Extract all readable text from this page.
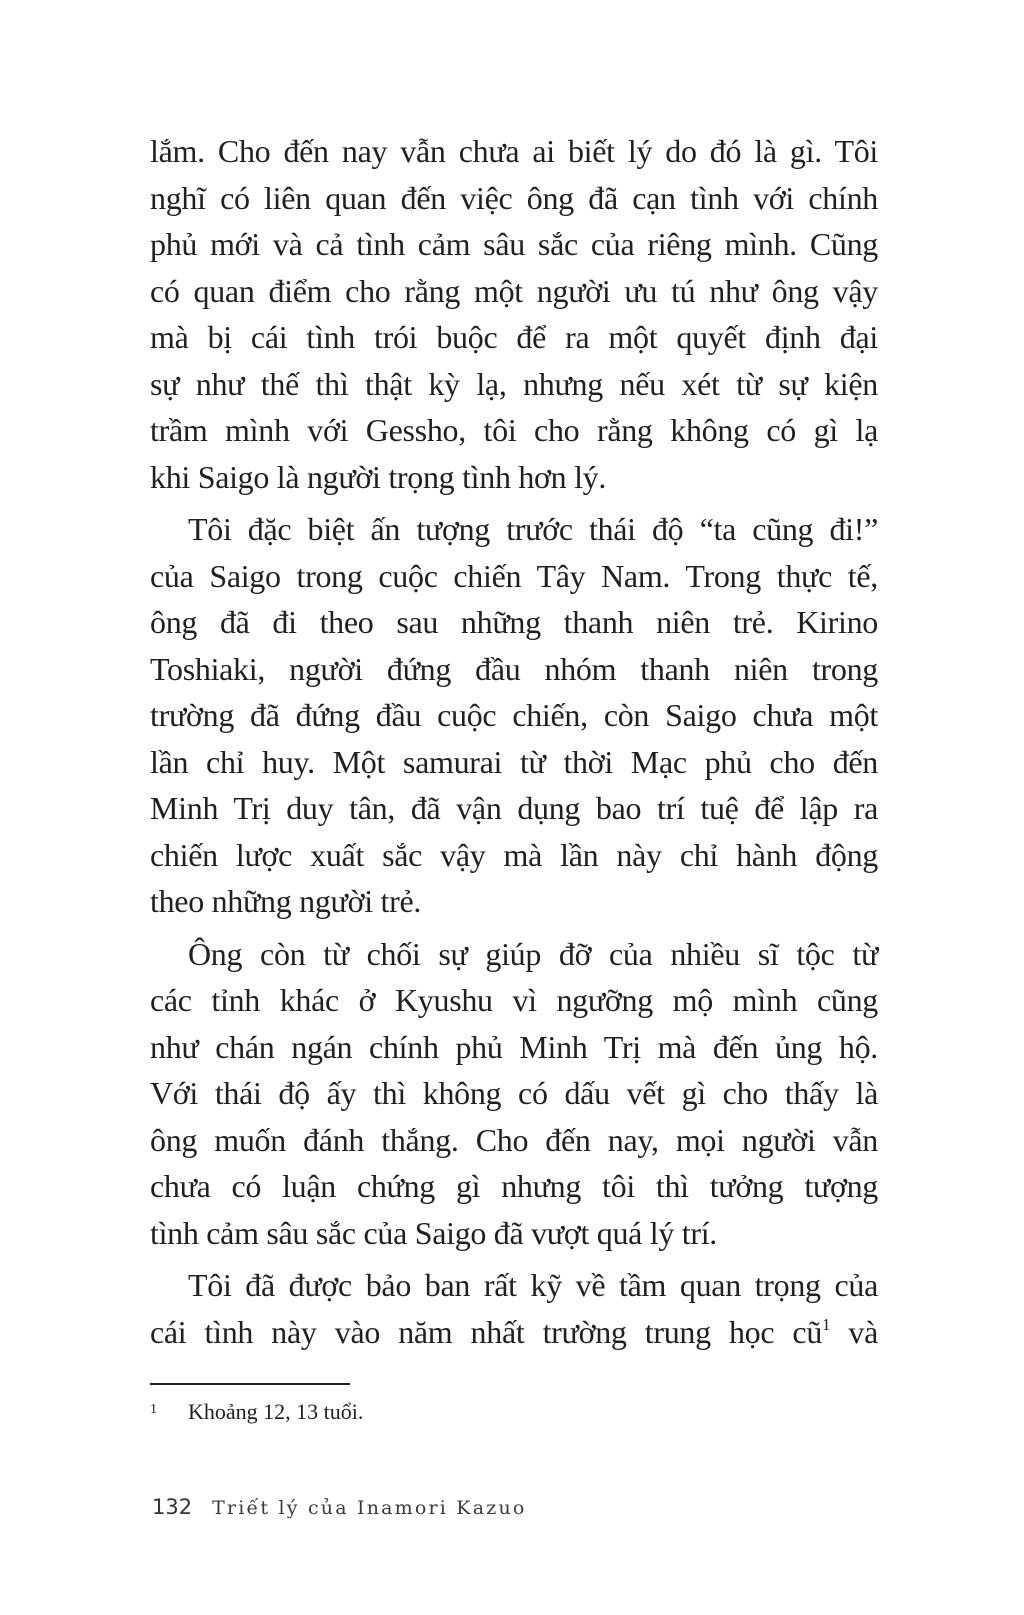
lắm. Cho đến nay vẫn chưa ai biết lý do đó là gì. Tôi
nghĩ có liên quan đến việc ông đã cạn tình với chính
phủ mới và cả tình cảm sâu sắc của riêng mình. Cũng
có quan điểm cho rằng một người ưu tú như ông vậy
mà bị cái tình trói buộc để ra một quyết định đại
sự như thế thì thật kỳ lạ, nhưng nếu xét từ sự kiện
trầm mình với Gessho, tôi cho rằng không có gì lạ
khi Saigo là người trọng tình hơn lý.
Tôi đặc biệt ấn tượng trước thái độ “ta cũng đi!”
của Saigo trong cuộc chiến Tây Nam. Trong thực tế,
ông đã đi theo sau những thanh niên trẻ. Kirino
Toshiaki, người đứng đầu nhóm thanh niên trong
trường đã đứng đầu cuộc chiến, còn Saigo chưa một
lần chỉ huy. Một samurai từ thời Mạc phủ cho đến
Minh Trị duy tân, đã vận dụng bao trí tuệ để lập ra
chiến lược xuất sắc vậy mà lần này chỉ hành động
theo những người trẻ.
Ông còn từ chối sự giúp đỡ của nhiều sĩ tộc từ
các tỉnh khác ở Kyushu vì ngưỡng mộ mình cũng
như chán ngán chính phủ Minh Trị mà đến ủng hộ.
Với thái độ ấy thì không có dấu vết gì cho thấy là
ông muốn đánh thắng. Cho đến nay, mọi người vẫn
chưa có luận chứng gì nhưng tôi thì tưởng tượng
tình cảm sâu sắc của Saigo đã vượt quá lý trí.
Tôi đã được bảo ban rất kỹ về tầm quan trọng của
cái tình này vào năm nhất trường trung học cũ$^1$ và
1 Khoảng 12, 13 tuổi.
132 Triết lý của Inamori Kazuo
